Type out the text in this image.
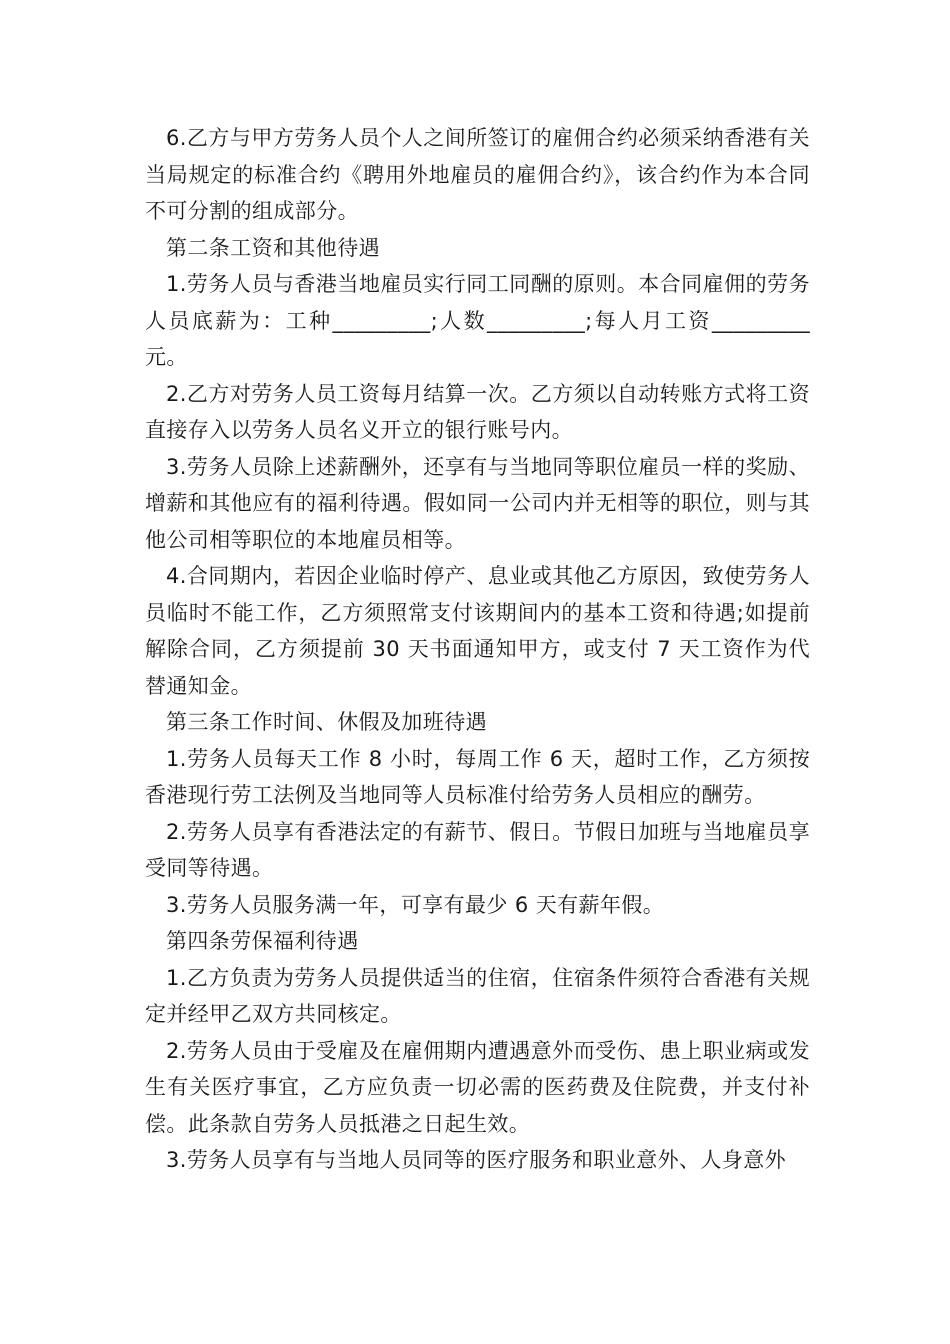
6.乙方与甲方劳务人员个人之间所签订的雇佣合约必须采纳香港有关当局规定的标准合约《聘用外地雇员的雇佣合约》，该合约作为本合同不可分割的组成部分。

第二条工资和其他待遇

1.劳务人员与香港当地雇员实行同工同酬的原则。本合同雇佣的劳务人员底薪为：工种_________;人数_________;每人月工资_________元。

2.乙方对劳务人员工资每月结算一次。乙方须以自动转账方式将工资直接存入以劳务人员名义开立的银行账号内。

3.劳务人员除上述薪酬外，还享有与当地同等职位雇员一样的奖励、增薪和其他应有的福利待遇。假如同一公司内并无相等的职位，则与其他公司相等职位的本地雇员相等。

4.合同期内，若因企业临时停产、息业或其他乙方原因，致使劳务人员临时不能工作，乙方须照常支付该期间内的基本工资和待遇;如提前解除合同，乙方须提前 30 天书面通知甲方，或支付 7 天工资作为代替通知金。

第三条工作时间、休假及加班待遇

1.劳务人员每天工作 8 小时，每周工作 6 天，超时工作，乙方须按香港现行劳工法例及当地同等人员标准付给劳务人员相应的酬劳。

2.劳务人员享有香港法定的有薪节、假日。节假日加班与当地雇员享受同等待遇。

3.劳务人员服务满一年，可享有最少 6 天有薪年假。

第四条劳保福利待遇

1.乙方负责为劳务人员提供适当的住宿，住宿条件须符合香港有关规定并经甲乙双方共同核定。

2.劳务人员由于受雇及在雇佣期内遭遇意外而受伤、患上职业病或发生有关医疗事宜，乙方应负责一切必需的医药费及住院费，并支付补偿。此条款自劳务人员抵港之日起生效。

3.劳务人员享有与当地人员同等的医疗服务和职业意外、人身意外
